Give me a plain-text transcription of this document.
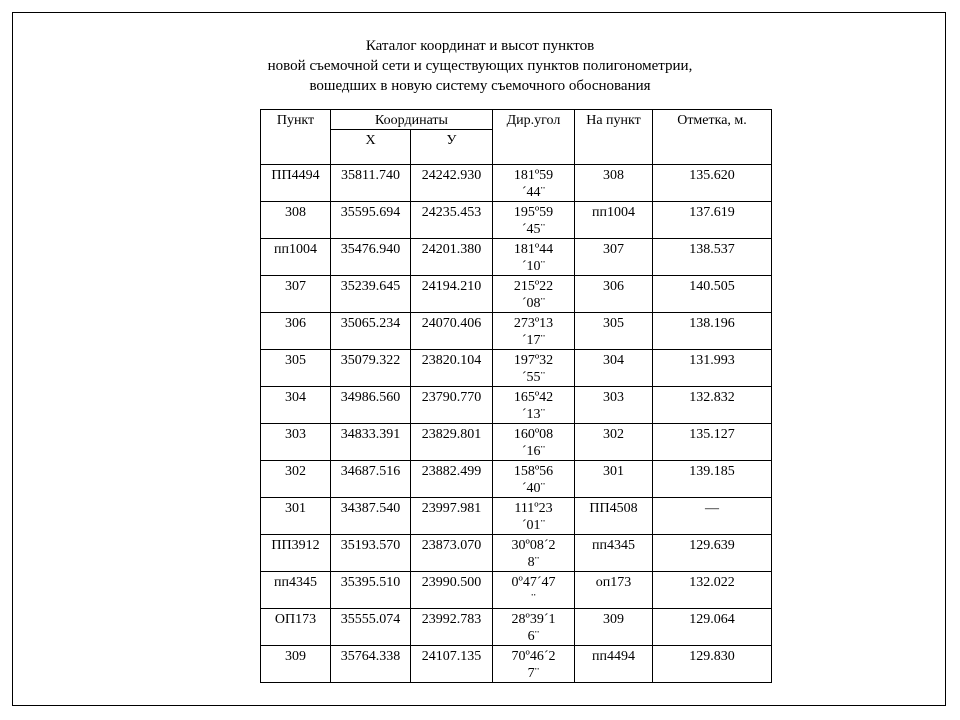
Каталог координат и высот пунктов
новой съемочной сети и существующих пунктов полигонометрии,
вошедших в новую систему съемочного обоснования
Пункт	Координаты		Дир.угол	На пункт	Отметка, м.
	Х	У			
ПП4494	35811.740	24242.930	181º59´44¨	308	135.620
308	35595.694	24235.453	195º59´45¨	пп1004	137.619
пп1004	35476.940	24201.380	181º44´10¨	307	138.537
307	35239.645	24194.210	215º22´08¨	306	140.505
306	35065.234	24070.406	273º13´17¨	305	138.196
305	35079.322	23820.104	197º32´55¨	304	131.993
304	34986.560	23790.770	165º42´13¨	303	132.832
303	34833.391	23829.801	160º08´16¨	302	135.127
302	34687.516	23882.499	158º56´40¨	301	139.185
301	34387.540	23997.981	111º23´01¨	ПП4508	—
ПП3912	35193.570	23873.070	30º08´28¨	пп4345	129.639
пп4345	35395.510	23990.500	0º47´47¨	оп173	132.022
ОП173	35555.074	23992.783	28º39´16¨	309	129.064
309	35764.338	24107.135	70º46´27¨	пп4494	129.830
